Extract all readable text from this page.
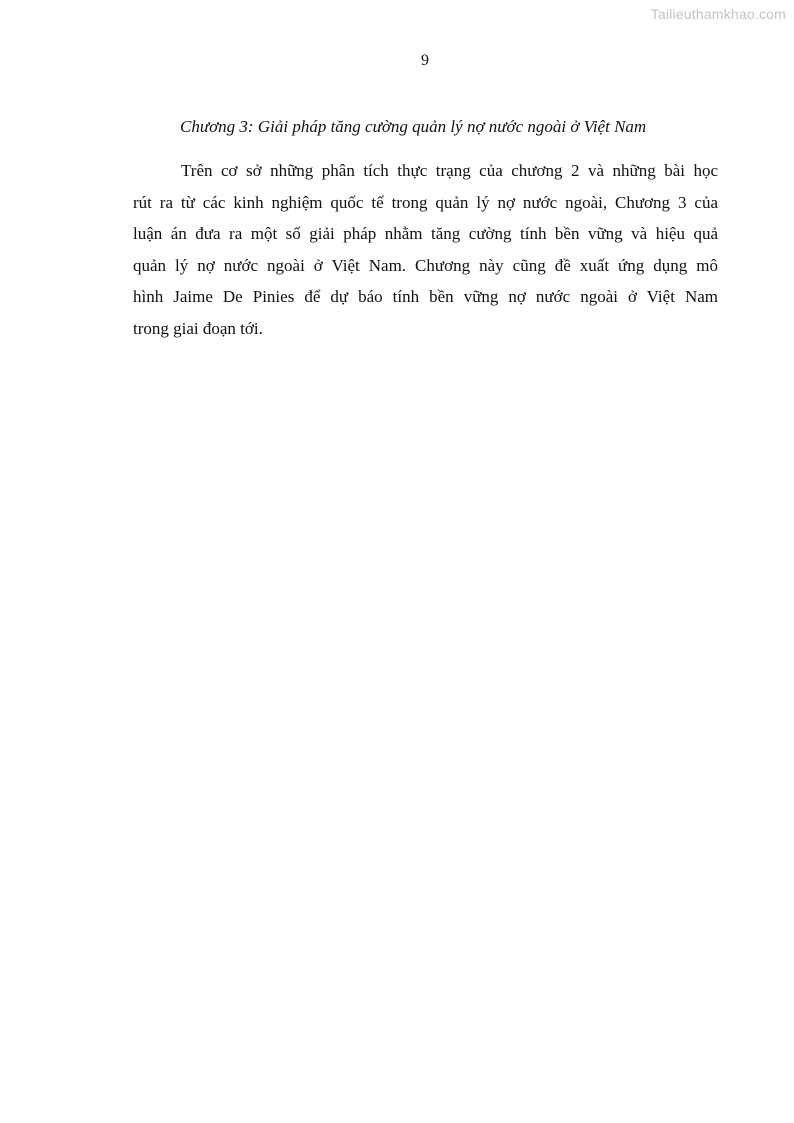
Tailieuthamkhao.com
9
Chương 3: Giải pháp tăng cường quản lý nợ nước ngoài ở Việt Nam

Trên cơ sở những phân tích thực trạng của chương 2 và những bài học
rút ra từ các kinh nghiệm quốc tế trong quản lý nợ nước ngoài, Chương 3 của
luận án đưa ra một số giải pháp nhằm tăng cường tính bền vững và hiệu quả
quản lý nợ nước ngoài ở Việt Nam. Chương này cũng đề xuất ứng dụng mô
hình Jaime De Pinies để dự báo tính bền vững nợ nước ngoài ở Việt Nam
trong giai đoạn tới.
